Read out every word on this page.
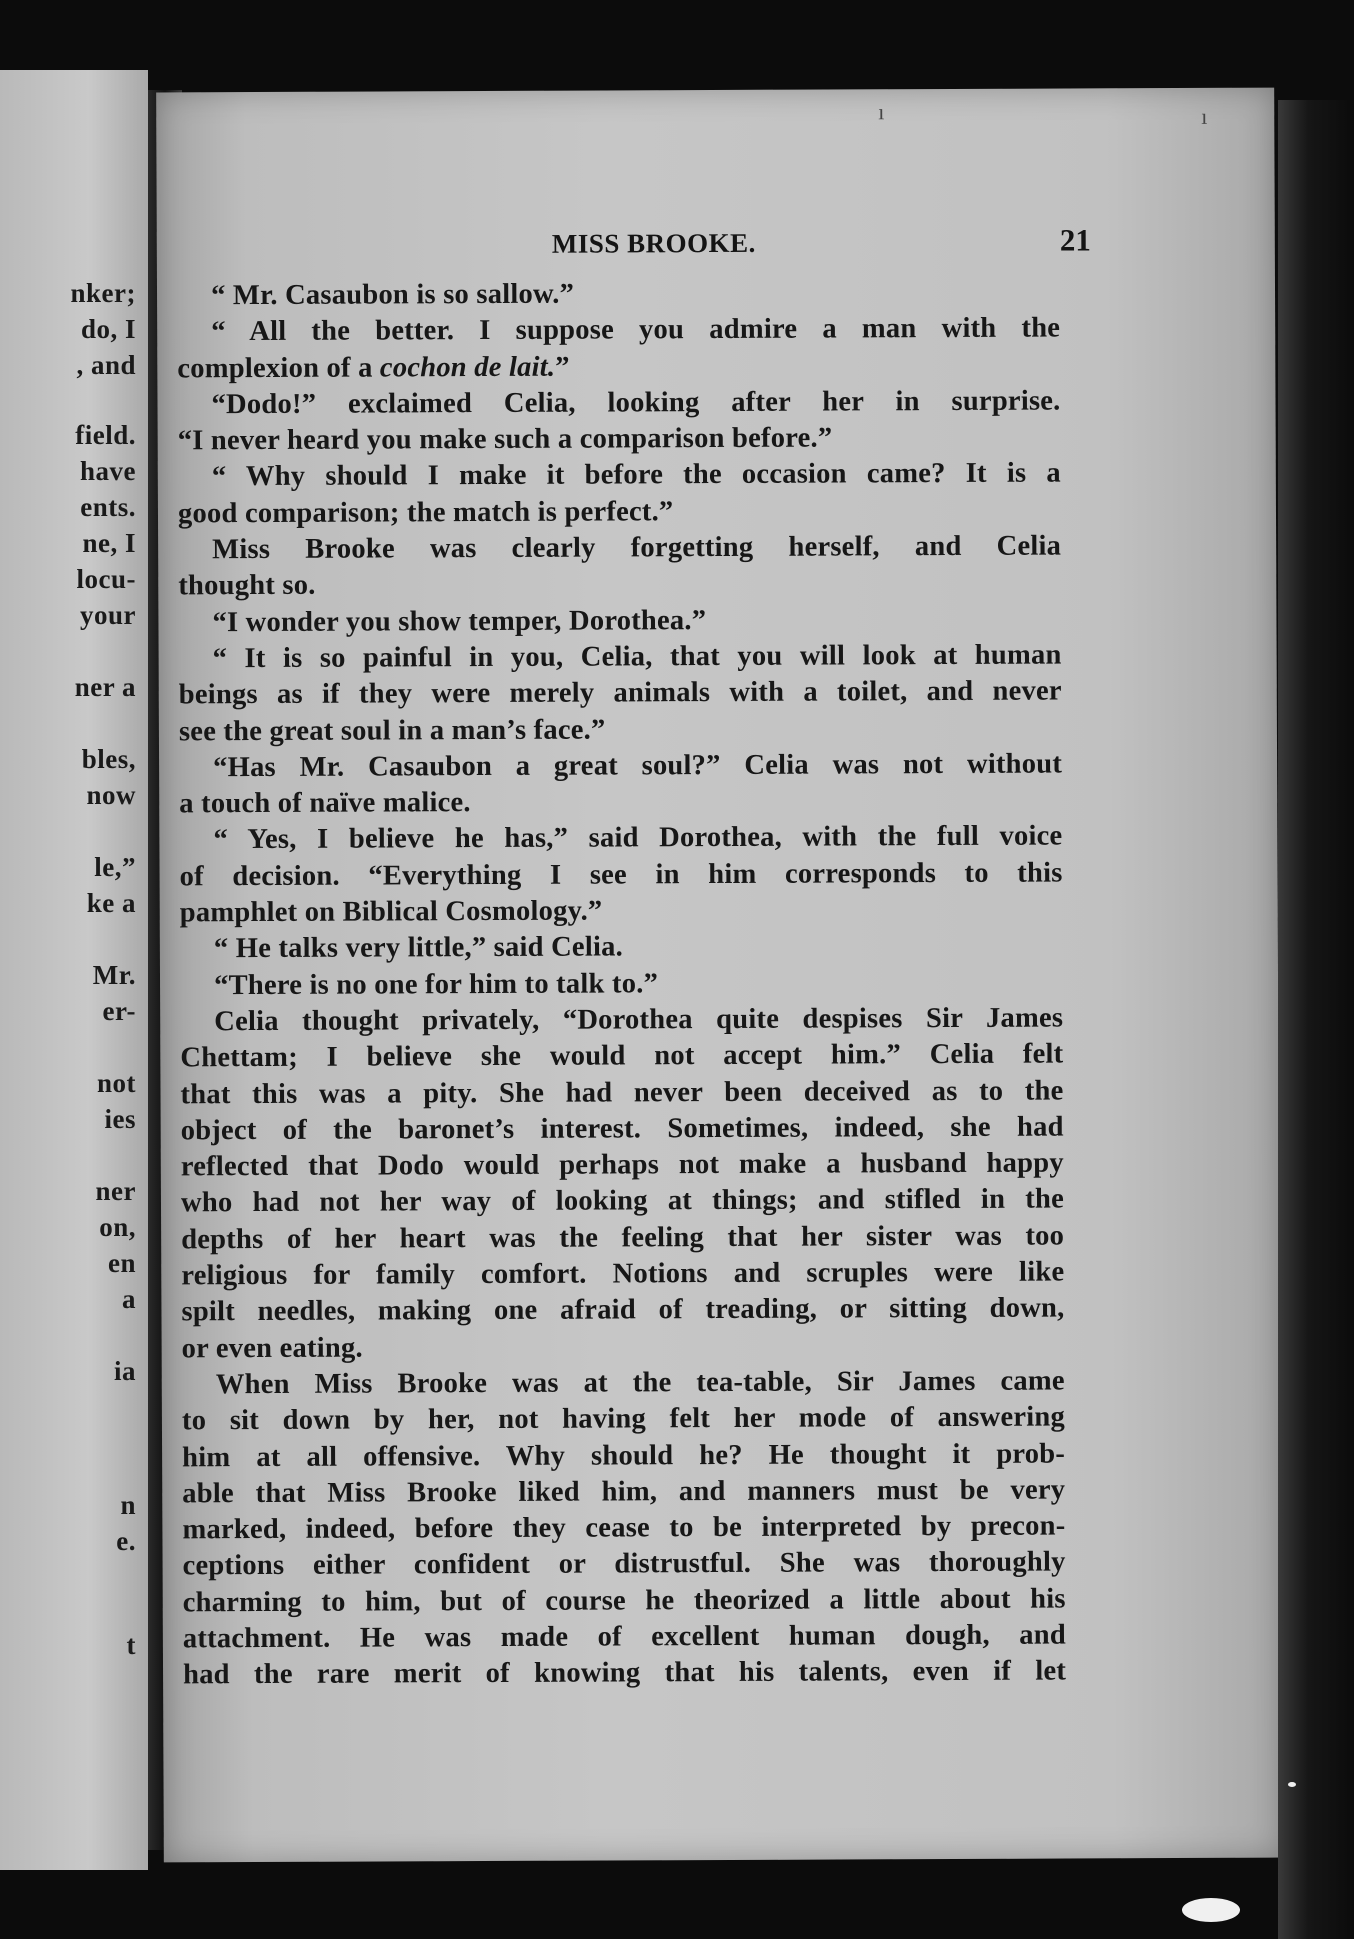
nker;
do, I
, and
field.
have
ents.
ne, I
locu-
your
ner a
bles,
now
le,”
ke a
Mr.
er-
not
ies
ner
on,
en
a
ia
n
e.
t
ı	ı
MISS BROOKE.	21
“ Mr. Casaubon is so sallow.”
“ All the better. I suppose you admire a man with the
complexion of a cochon de lait.”
“Dodo!” exclaimed Celia, looking after her in surprise.
“I never heard you make such a comparison before.”
“ Why should I make it before the occasion came? It is a
good comparison; the match is perfect.”
Miss Brooke was clearly forgetting herself, and Celia
thought so.
“I wonder you show temper, Dorothea.”
“ It is so painful in you, Celia, that you will look at human
beings as if they were merely animals with a toilet, and never
see the great soul in a man’s face.”
“Has Mr. Casaubon a great soul?” Celia was not without
a touch of naïve malice.
“ Yes, I believe he has,” said Dorothea, with the full voice
of decision. “Everything I see in him corresponds to this
pamphlet on Biblical Cosmology.”
“ He talks very little,” said Celia.
“There is no one for him to talk to.”
Celia thought privately, “Dorothea quite despises Sir James
Chettam; I believe she would not accept him.” Celia felt
that this was a pity. She had never been deceived as to the
object of the baronet’s interest. Sometimes, indeed, she had
reflected that Dodo would perhaps not make a husband happy
who had not her way of looking at things; and stifled in the
depths of her heart was the feeling that her sister was too
religious for family comfort. Notions and scruples were like
spilt needles, making one afraid of treading, or sitting down,
or even eating.
When Miss Brooke was at the tea-table, Sir James came
to sit down by her, not having felt her mode of answering
him at all offensive. Why should he? He thought it prob-
able that Miss Brooke liked him, and manners must be very
marked, indeed, before they cease to be interpreted by precon-
ceptions either confident or distrustful. She was thoroughly
charming to him, but of course he theorized a little about his
attachment. He was made of excellent human dough, and
had the rare merit of knowing that his talents, even if let
